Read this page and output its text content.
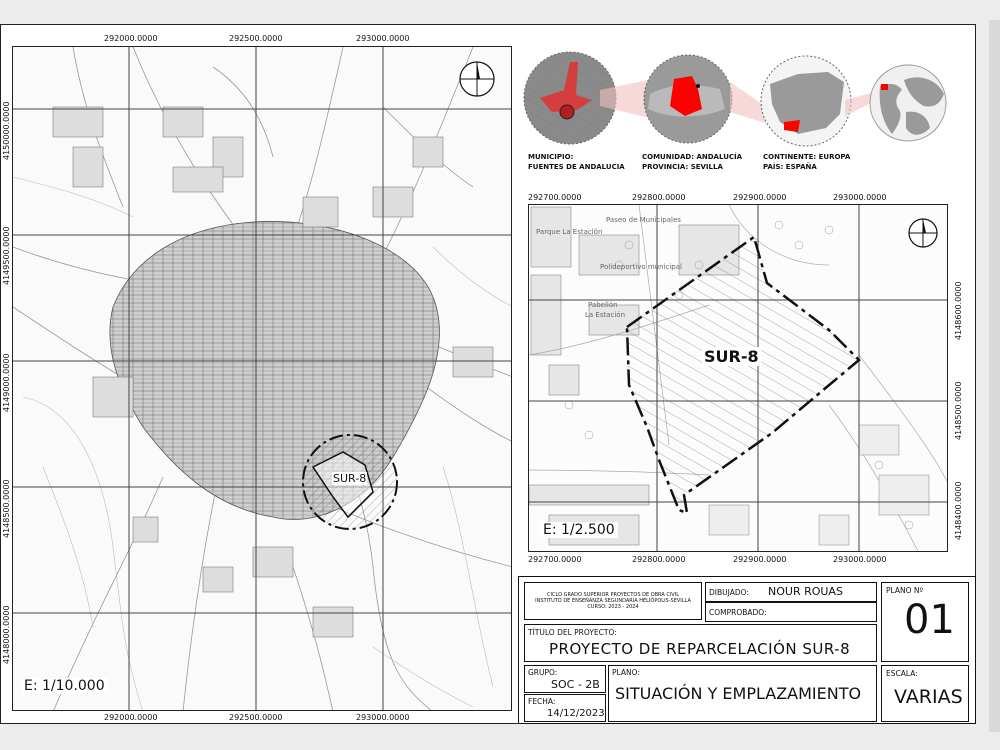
292000.0000	292500.0000	293000.0000
292000.0000	292500.0000	293000.0000
4150000.0000
4149500.0000
4149000.0000
4148500.0000
4148000.0000
SUR-8
E: 1/10.000
MUNICIPIO:
FUENTES DE ANDALUCIA
COMUNIDAD: ANDALUCÍA
PROVINCIA: SEVILLA
CONTINENTE: EUROPA
PAÍS: ESPAÑA
292700.0000	292800.0000	292900.0000	293000.0000
292700.0000	292800.0000	292900.0000	293000.0000
4148600.0000
4148500.0000
4148400.0000
Parque La Estación
Paseo de Municipales
Polideportivo municipal
Pabellón
La Estación
SUR-8
E: 1/2.500
CICLO GRADO SUPERIOR PROYECTOS DE OBRA CIVIL
INSTITUTO DE ENSEÑANZA SEGUNDARIA HELIÓPOLIS-SEVILLA
CURSO: 2023 - 2024
DIBUJADO: NOUR ROUAS
COMPROBADO:
PLANO Nº
01
TÍTULO DEL PROYECTO:
PROYECTO DE REPARCELACIÓN SUR-8
GRUPO:
SOC - 2B
FECHA:
14/12/2023
PLANO:
SITUACIÓN Y EMPLAZAMIENTO
ESCALA:
VARIAS
